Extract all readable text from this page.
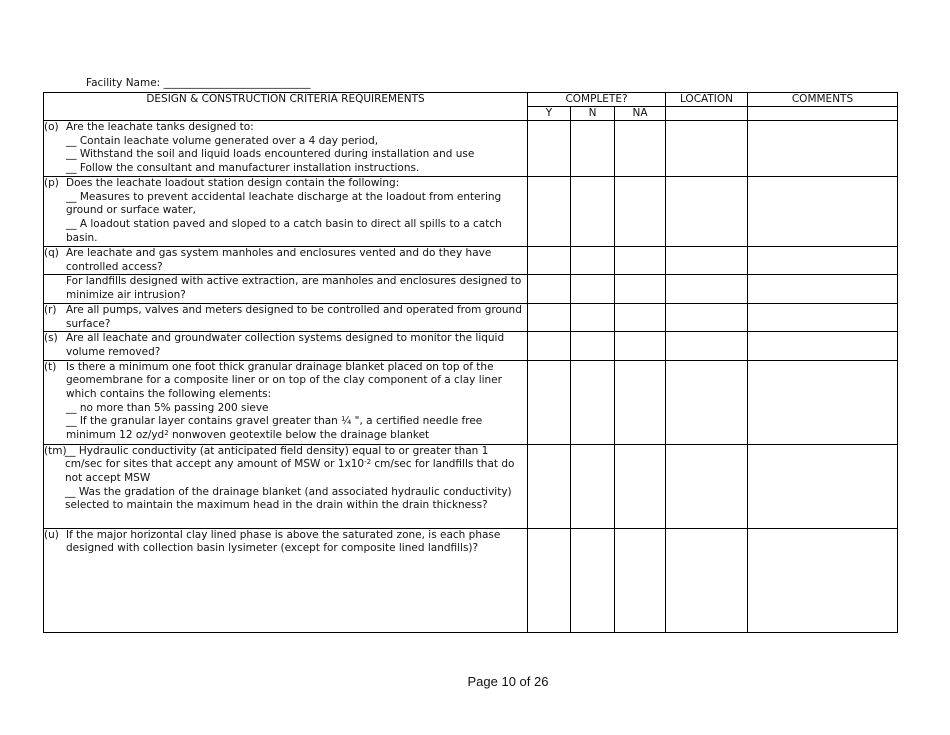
Facility Name: ____________________________
DESIGN & CONSTRUCTION CRITERIA REQUIREMENTS	COMPLETE?			LOCATION	COMMENTS
	Y	N	NA		

(o) Are the leachate tanks designed to:
__ Contain leachate volume generated over a 4 day period,
__ Withstand the soil and liquid loads encountered during installation and use
__ Follow the consultant and manufacturer installation instructions.					

(p) Does the leachate loadout station design contain the following:
__ Measures to prevent accidental leachate discharge at the loadout from entering ground or surface water,
__ A loadout station paved and sloped to a catch basin to direct all spills to a catch basin.					

(q) Are leachate and gas system manholes and enclosures vented and do they have controlled access?					

For landfills designed with active extraction, are manholes and enclosures designed to minimize air intrusion?					

(r) Are all pumps, valves and meters designed to be controlled and operated from ground surface?					

(s) Are all leachate and groundwater collection systems designed to monitor the liquid volume removed?					

(t) Is there a minimum one foot thick granular drainage blanket placed on top of the geomembrane for a composite liner or on top of the clay component of a clay liner which contains the following elements:
__ no more than 5% passing 200 sieve
__ If the granular layer contains gravel greater than ¼ ", a certified needle free minimum 12 $oz/yd^2$ nonwoven geotextile below the drainage blanket					

(tm)
__ Hydraulic conductivity (at anticipated field density) equal to or greater than 1 cm/sec for sites that accept any amount of MSW or $1x10^{-2}$ cm/sec for landfills that do not accept MSW
__ Was the gradation of the drainage blanket (and associated hydraulic conductivity) selected to maintain the maximum head in the drain within the drain thickness?					

(u) If the major horizontal clay lined phase is above the saturated zone, is each phase designed with collection basin lysimeter (except for composite lined landfills)?					

Page 10 of 26
